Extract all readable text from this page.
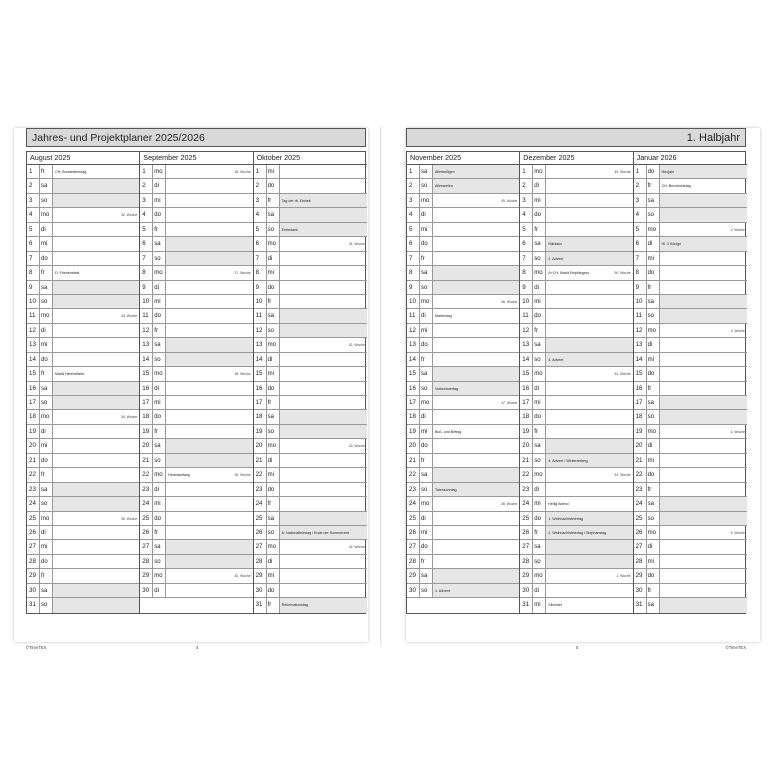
Jahres- und Projektplaner 2025/2026
August 2025
1	fr	CH: Bundesfeiertag
2	sa
3	so
4	mo	32. Woche
5	di
6	mi
7	do
8	fr	D: Friedensfest
9	sa
10 so
11 mo	33. Woche
12 di
13 mi
14 do
15 fr	Mariä Himmelfahrt
16 sa
17 so
18 mo	34. Woche
19 di
20 mi
21 do
22 fr
23 sa
24 so
25 mo	35. Woche
26 di
27 mi
28 do
29 fr
30 sa
31 so
September 2025
1	mo	36. Woche
2	di
3	mi
4	do
5	fr
6	sa
7	so
8	mo	37. Woche
9	di
10 mi
11 do
12 fr
13 sa
14 so
15 mo	38. Woche
16 di
17 mi
18 do
19 fr
20 sa
21 so
22 mo	Herbstanfang	39. Woche
23 di
24 mi
25 do
26 fr
27 sa
28 so
29 mo	40. Woche
30 di
Oktober 2025
1	mi
2	do
3	fr	Tag der dt. Einheit
4	sa
5	so	Erntedank
6	mo	41. Woche
7	di
8	mi
9	do
10 fr
11 sa
12 so
13 mo	42. Woche
14 di
15 mi
16 do
17 fr
18 sa
19 so
20 mo	43. Woche
21 di
22 mi
23 do
24 fr
25 sa
26 so	A: Nationalfeiertag / Ende der Sommerzeit
27 mo	44. Woche
28 di
29 mi
30 do
31 fr	Reformationstag
©TimeTEX	4
1. Halbjahr
November 2025
1	sa	Allerheiligen
2	so	Allerseelen
3	mo	45. Woche
4	di
5	mi
6	do
7	fr
8	sa
9	so
10 mo	46. Woche
11 di	Martinstag
12 mi
13 do
14 fr
15 sa
16 so	Volkstrauertag
17 mo	47. Woche
18 di
19 mi	Buß- und Bettag
20 do
21 fr
22 sa
23 so	Totensonntag
24 mo	48. Woche
25 di
26 mi
27 do
28 fr
29 sa
30 so	1. Advent
Dezember 2025
1	mo	49. Woche
2	di
3	mi
4	do
5	fr
6	sa	Nikolaus
7	so	2. Advent
8	mo	A+CH: Mariä Empfängnis	50. Woche
9	di
10 mi
11 do
12 fr
13 sa
14 so	3. Advent
15 mo	51. Woche
16 di
17 mi
18 do
19 fr
20 sa
21 so	4. Advent / Winteranfang
22 mo	52. Woche
23 di
24 mi	Heilig Abend
25 do	1. Weihnachtsfeiertag
26 fr	2. Weihnachtsfeiertag / Stephanstag
27 sa
28 so
29 mo	1. Woche
30 di
31 mi	Silvester
Januar 2026
1	do	Neujahr
2	fr	CH: Berchtoldstag
3	sa
4	so
5	mo	2. Woche
6	di	Hl. 3 Könige
7	mi
8	do
9	fr
10 sa
11 so
12 mo	3. Woche
13 di
14 mi
15 do
16 fr
17 sa
18 so
19 mo	4. Woche
20 di
21 mi
22 do
23 fr
24 sa
25 so
26 mo	5. Woche
27 di
28 mi
29 do
30 fr
31 sa
5	©TimeTEX
